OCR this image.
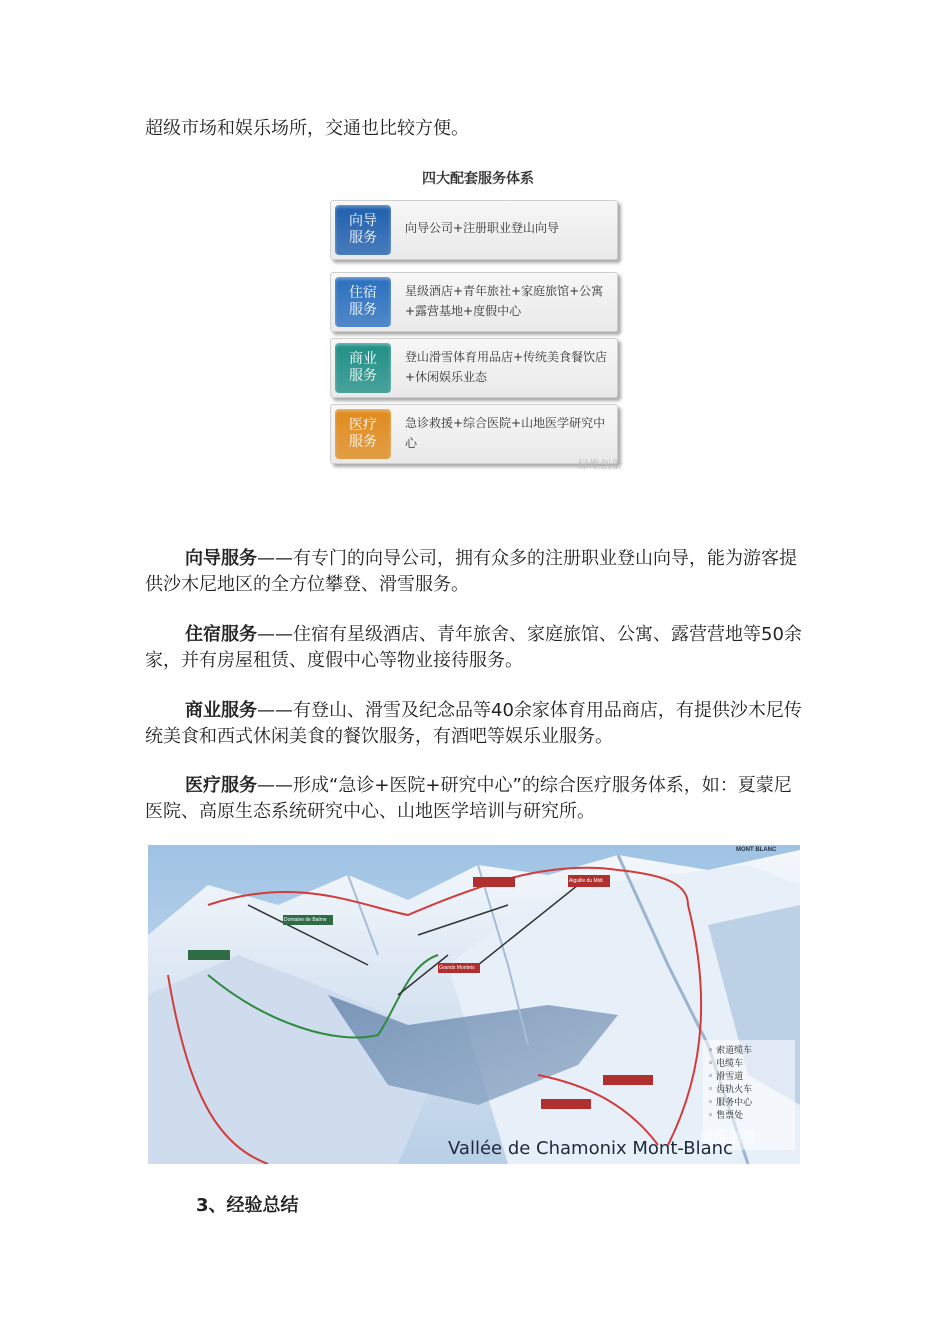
超级市场和娱乐场所，交通也比较方便。

四大配套服务体系
向导服务
向导公司+注册职业登山向导
住宿服务
星级酒店+青年旅社+家庭旅馆+公寓+露营基地+度假中心
商业服务
登山滑雪体育用品店+传统美食餐饮店+休闲娱乐业态
医疗服务
急诊救援+综合医院+山地医学研究中心
绿维创景

向导服务——有专门的向导公司，拥有众多的注册职业登山向导，能为游客提供沙木尼地区的全方位攀登、滑雪服务。

住宿服务——住宿有星级酒店、青年旅舍、家庭旅馆、公寓、露营营地等50余家，并有房屋租赁、度假中心等物业接待服务。

商业服务——有登山、滑雪及纪念品等40余家体育用品商店，有提供沙木尼传统美食和西式休闲美食的餐饮服务，有酒吧等娱乐业服务。

医疗服务——形成“急诊+医院+研究中心”的综合医疗服务体系，如：夏蒙尼医院、高原生态系统研究中心、山地医学培训与研究所。

MONT BLANC
Aiguille du Midi
Grands Montets
Domaine de Balme
◦ 索道缆车
◦ 电缆车
◦ 滑雪道
◦ 齿轨火车
◦ 服务中心
◦ 售票处
Vallée de Chamonix Mont-Blanc
绿维创景
3、经验总结
